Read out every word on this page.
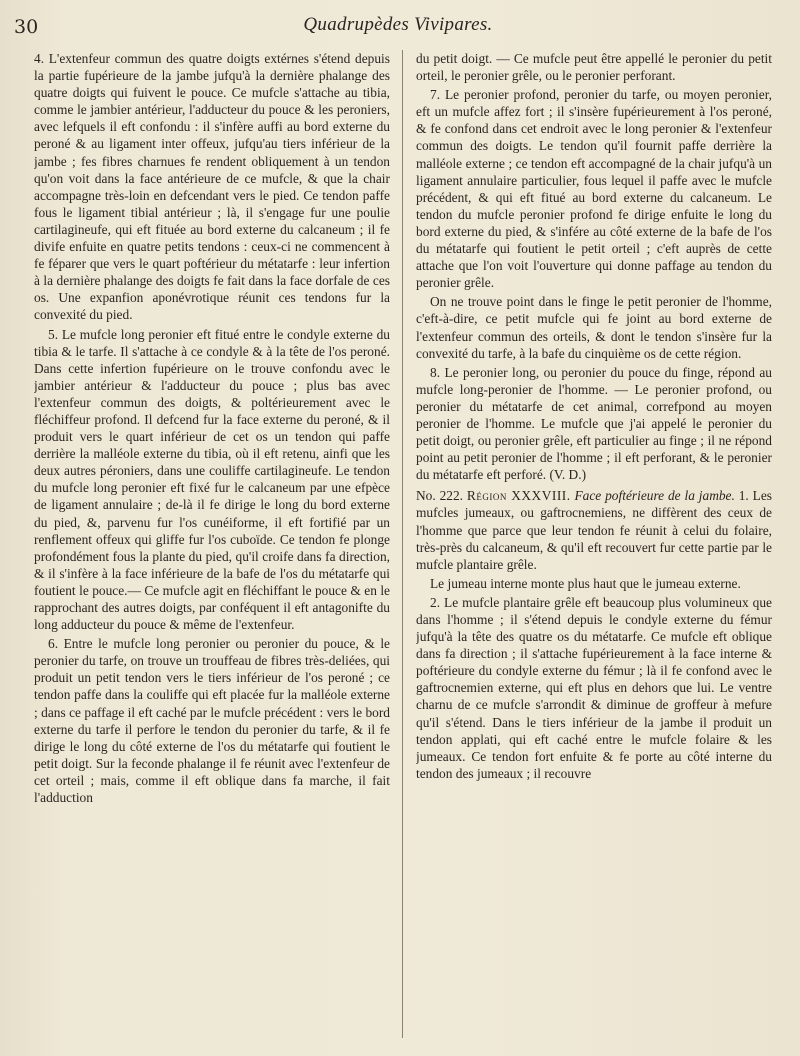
30	Quadrupèdes Vivipares.

4. L'extenfeur commun des quatre doigts extérnes s'étend depuis la partie fupérieure de la jambe jufqu'à la dernière phalange des quatre doigts qui fuivent le pouce. Ce mufcle s'attache au tibia, comme le jambier antérieur, l'adducteur du pouce & les peroniers, avec lefquels il eft confondu : il s'infère auffi au bord externe du peroné & au ligament inter offeux, jufqu'au tiers inférieur de la jambe ; fes fibres charnues fe rendent obliquement à un tendon qu'on voit dans la face antérieure de ce mufcle, & que la chair accompagne très-loin en defcendant vers le pied. Ce tendon paffe fous le ligament tibial antérieur ; là, il s'engage fur une poulie cartilagineufe, qui eft fituée au bord externe du calcaneum ; il fe divife enfuite en quatre petits tendons : ceux-ci ne commencent à fe féparer que vers le quart poftérieur du métatarfe : leur infertion à la dernière phalange des doigts fe fait dans la face dorfale de ces os. Une expanfion aponévrotique réunit ces tendons fur la convexité du pied.

5. Le mufcle long peronier eft fitué entre le condyle externe du tibia & le tarfe. Il s'attache à ce condyle & à la tête de l'os peroné. Dans cette infertion fupérieure on le trouve confondu avec le jambier antérieur & l'adducteur du pouce ; plus bas avec l'extenfeur commun des doigts, & poltérieurement avec le fléchiffeur profond. Il defcend fur la face externe du peroné, & il produit vers le quart inférieur de cet os un tendon qui paffe derrière la malléole externe du tibia, où il eft retenu, ainfi que les deux autres péroniers, dans une couliffe cartilagineufe. Le tendon du mufcle long peronier eft fixé fur le calcaneum par une efpèce de ligament annulaire ; de-là il fe dirige le long du bord externe du pied, &, parvenu fur l'os cunéiforme, il eft fortifié par un renflement offeux qui gliffe fur l'os cuboïde. Ce tendon fe plonge profondément fous la plante du pied, qu'il croife dans fa direction, & il s'infère à la face inférieure de la bafe de l'os du métatarfe qui foutient le pouce.— Ce mufcle agit en fléchiffant le pouce & en le rapprochant des autres doigts, par conféquent il eft antagonifte du long adducteur du pouce & même de l'extenfeur.

6. Entre le mufcle long peronier ou peronier du pouce, & le peronier du tarfe, on trouve un trouffeau de fibres très-deliées, qui produit un petit tendon vers le tiers inférieur de l'os peroné ; ce tendon paffe dans la couliffe qui eft placée fur la malléole externe ; dans ce paffage il eft caché par le mufcle précédent : vers le bord externe du tarfe il perfore le tendon du peronier du tarfe, & il fe dirige le long du côté externe de l'os du métatarfe qui foutient le petit doigt. Sur la feconde phalange il fe réunit avec l'extenfeur de cet orteil ; mais, comme il eft oblique dans fa marche, il fait l'adduction

du petit doigt. — Ce mufcle peut être appellé le peronier du petit orteil, le peronier grêle, ou le peronier perforant.

7. Le peronier profond, peronier du tarfe, ou moyen peronier, eft un mufcle affez fort ; il s'insère fupérieurement à l'os peroné, & fe confond dans cet endroit avec le long peronier & l'extenfeur commun des doigts. Le tendon qu'il fournit paffe derrière la malléole externe ; ce tendon eft accompagné de la chair jufqu'à un ligament annulaire particulier, fous lequel il paffe avec le mufcle précédent, & qui eft fitué au bord externe du calcaneum. Le tendon du mufcle peronier profond fe dirige enfuite le long du bord externe du pied, & s'infére au côté externe de la bafe de l'os du métatarfe qui foutient le petit orteil ; c'eft auprès de cette attache que l'on voit l'ouverture qui donne paffage au tendon du peronier grêle.

On ne trouve point dans le finge le petit peronier de l'homme, c'eft-à-dire, ce petit mufcle qui fe joint au bord externe de l'extenfeur commun des orteils, & dont le tendon s'insère fur la convexité du tarfe, à la bafe du cinquième os de cette région.

8. Le peronier long, ou peronier du pouce du finge, répond au mufcle long-peronier de l'homme. — Le peronier profond, ou peronier du métatarfe de cet animal, correfpond au moyen peronier de l'homme. Le mufcle que j'ai appelé le peronier du petit doigt, ou peronier grêle, eft particulier au finge ; il ne répond point au petit peronier de l'homme ; il eft perforant, & le peronier du métatarfe eft perforé. (V. D.)

No. 222. Région XXXVIII. Face poftérieure de la jambe. 1. Les mufcles jumeaux, ou gaftrocnemiens, ne diffèrent des ceux de l'homme que parce que leur tendon fe réunit à celui du folaire, très-près du calcaneum, & qu'il eft recouvert fur cette partie par le mufcle plantaire grêle.

Le jumeau interne monte plus haut que le jumeau externe.

2. Le mufcle plantaire grêle eft beaucoup plus volumineux que dans l'homme ; il s'étend depuis le condyle externe du fémur jufqu'à la tête des quatre os du métatarfe. Ce mufcle eft oblique dans fa direction ; il s'attache fupérieurement à la face interne & poftérieure du condyle externe du fémur ; là il fe confond avec le gaftrocnemien externe, qui eft plus en dehors que lui. Le ventre charnu de ce mufcle s'arrondit & diminue de groffeur à mefure qu'il s'étend. Dans le tiers inférieur de la jambe il produit un tendon applati, qui eft caché entre le mufcle folaire & les jumeaux. Ce tendon fort enfuite & fe porte au côté interne du tendon des jumeaux ; il recouvre
